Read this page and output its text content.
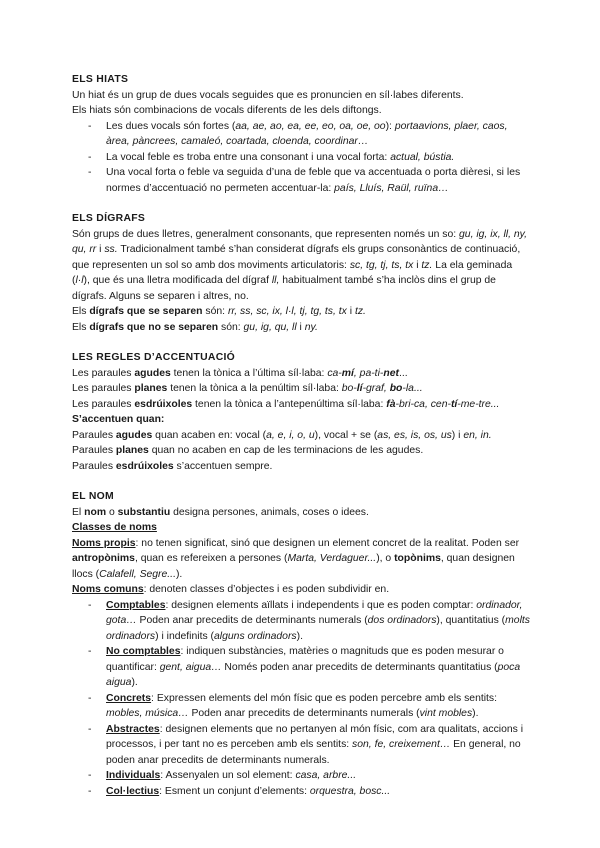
ELS HIATS

Un hiat és un grup de dues vocals seguides que es pronuncien en síl·labes diferents.

Els hiats són combinacions de vocals diferents de les dels diftongs.

- Les dues vocals són fortes (aa, ae, ao, ea, ee, eo, oa, oe, oo): portaavions, plaer, caos, àrea, pàncrees, camaleó, coartada, cloenda, coordinar…
- La vocal feble es troba entre una consonant i una vocal forta: actual, bústia.
- Una vocal forta o feble va seguida d’una de feble que va accentuada o porta dièresi, si les normes d’accentuació no permeten accentuar-la: país, Lluís, Raül, ruïna…

ELS DÍGRAFS

Són grups de dues lletres, generalment consonants, que representen només un so: gu, ig, ix, ll, ny, qu, rr i ss. Tradicionalment també s’han considerat dígrafs els grups consonàntics de continuació, que representen un sol so amb dos moviments articulatoris: sc, tg, tj, ts, tx i tz. La ela geminada (l·l), que és una lletra modificada del dígraf ll, habitualment també s’ha inclòs dins el grup de dígrafs. Alguns se separen i altres, no.

Els dígrafs que se separen són: rr, ss, sc, ix, l·l, tj, tg, ts, tx i tz.

Els dígrafs que no se separen són: gu, ig, qu, ll i ny.

LES REGLES D’ACCENTUACIÓ

Les paraules agudes tenen la tònica a l’última síl·laba: ca-mí, pa-ti-net...

Les paraules planes tenen la tònica a la penúltim síl·laba: bo-lí-graf, bo-la...

Les paraules esdrúixoles tenen la tònica a l’antepenúltima síl·laba: fà-bri-ca, cen-tí-me-tre...

S’accentuen quan:

Paraules agudes quan acaben en: vocal (a, e, i, o, u), vocal + se (as, es, is, os, us) i en, in.

Paraules planes quan no acaben en cap de les terminacions de les agudes.

Paraules esdrúixoles s’accentuen sempre.

EL NOM

El nom o substantiu designa persones, animals, coses o idees.

Classes de noms

Noms propis: no tenen significat, sinó que designen un element concret de la realitat. Poden ser antropònims, quan es refereixen a persones (Marta, Verdaguer...), o topònims, quan designen llocs (Calafell, Segre...).

Noms comuns: denoten classes d’objectes i es poden subdividir en.

- Comptables: designen elements aïllats i independents i que es poden comptar: ordinador, gota… Poden anar precedits de determinants numerals (dos ordinadors), quantitatius (molts ordinadors) i indefinits (alguns ordinadors).
- No comptables: indiquen substàncies, matèries o magnituds que es poden mesurar o quantificar: gent, aigua… Només poden anar precedits de determinants quantitatius (poca aigua).
- Concrets: Expressen elements del món físic que es poden percebre amb els sentits: mobles, música… Poden anar precedits de determinants numerals (vint mobles).
- Abstractes: designen elements que no pertanyen al món físic, com ara qualitats, accions i processos, i per tant no es perceben amb els sentits: son, fe, creixement… En general, no poden anar precedits de determinants numerals.
- Individuals: Assenyalen un sol element: casa, arbre...
- Col·lectius: Esment un conjunt d’elements: orquestra, bosc...
